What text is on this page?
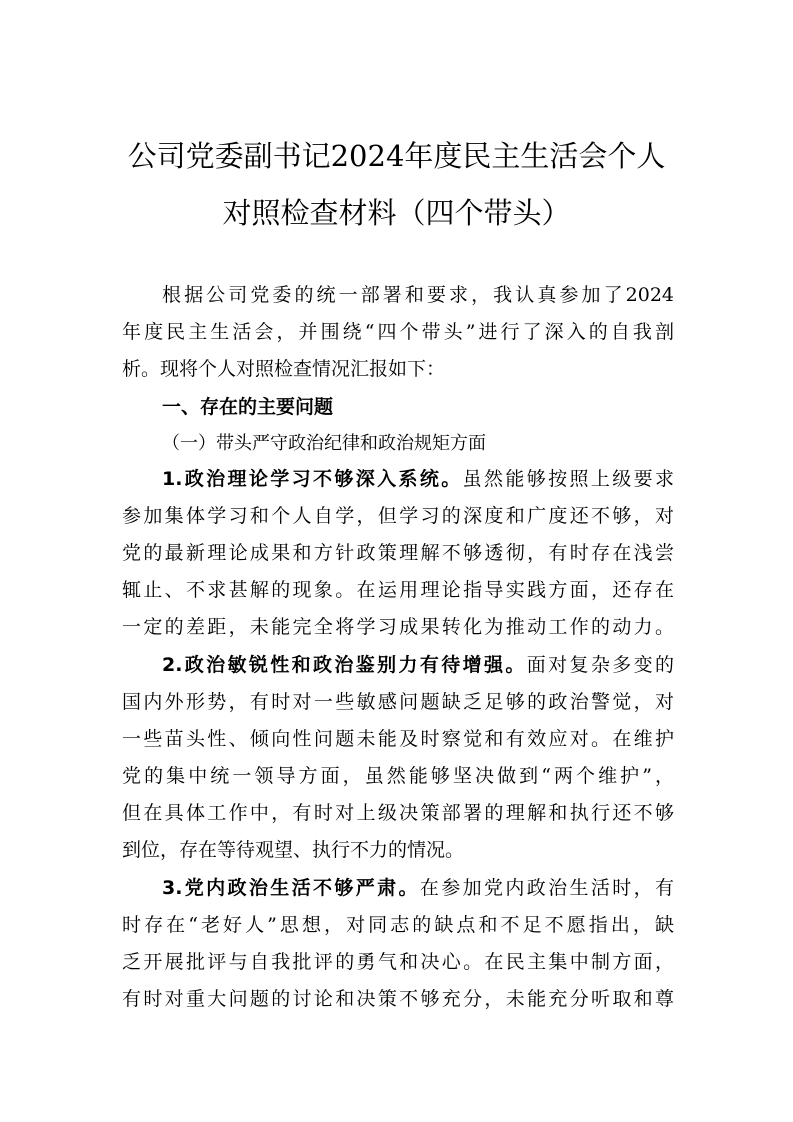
公司党委副书记2024年度民主生活会个人
对照检查材料（四个带头）
根据公司党委的统一部署和要求，我认真参加了2024
年度民主生活会，并围绕“四个带头”进行了深入的自我剖
析。现将个人对照检查情况汇报如下：
一、存在的主要问题
（一）带头严守政治纪律和政治规矩方面
1.政治理论学习不够深入系统。虽然能够按照上级要求
参加集体学习和个人自学，但学习的深度和广度还不够，对
党的最新理论成果和方针政策理解不够透彻，有时存在浅尝
辄止、不求甚解的现象。在运用理论指导实践方面，还存在
一定的差距，未能完全将学习成果转化为推动工作的动力。
2.政治敏锐性和政治鉴别力有待增强。面对复杂多变的
国内外形势，有时对一些敏感问题缺乏足够的政治警觉，对
一些苗头性、倾向性问题未能及时察觉和有效应对。在维护
党的集中统一领导方面，虽然能够坚决做到“两个维护”，
但在具体工作中，有时对上级决策部署的理解和执行还不够
到位，存在等待观望、执行不力的情况。
3.党内政治生活不够严肃。在参加党内政治生活时，有
时存在“老好人”思想，对同志的缺点和不足不愿指出，缺
乏开展批评与自我批评的勇气和决心。在民主集中制方面，
有时对重大问题的讨论和决策不够充分，未能充分听取和尊
